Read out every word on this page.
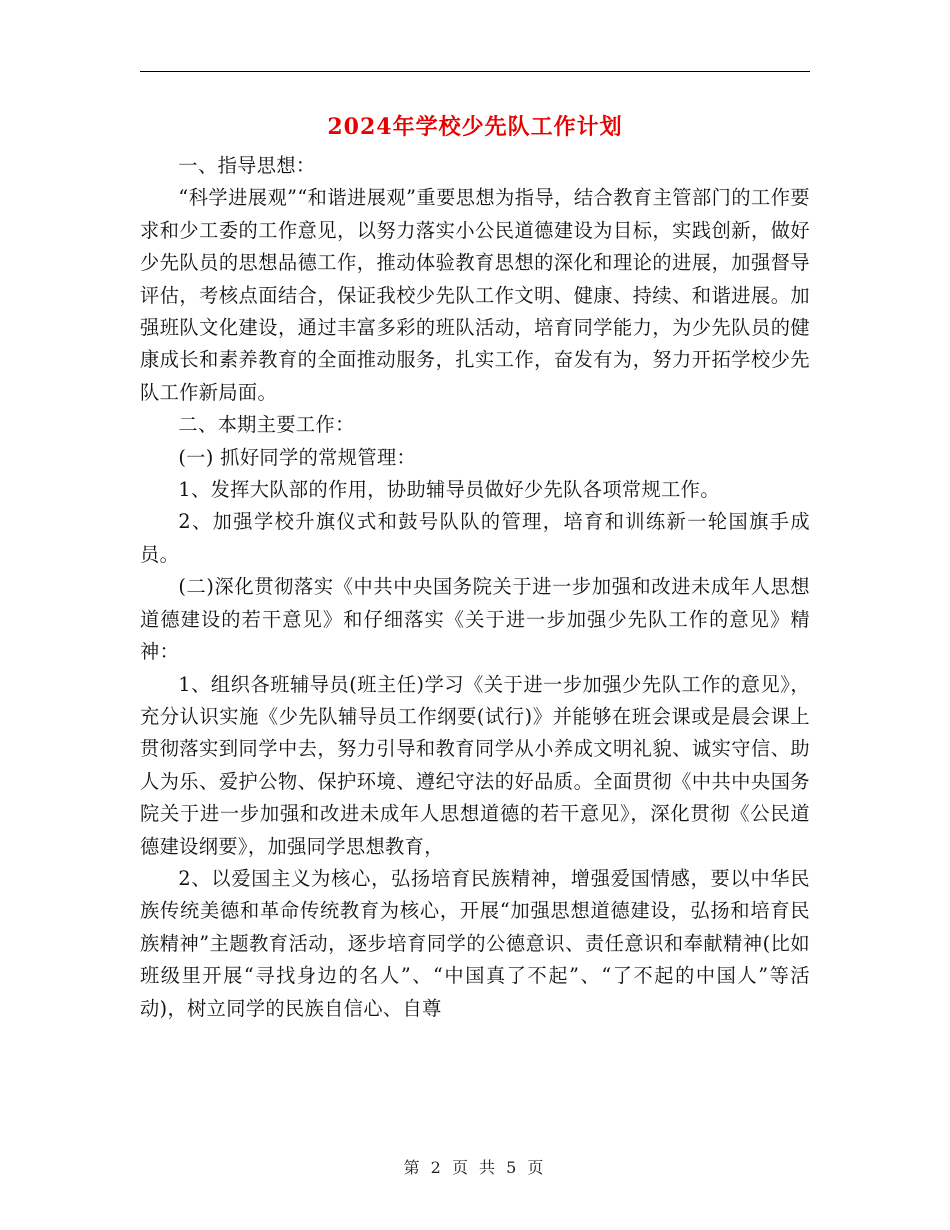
2024年学校少先队工作计划

一、指导思想：

“科学进展观”“和谐进展观”重要思想为指导，结合教育主管部门的工作要求和少工委的工作意见，以努力落实小公民道德建设为目标，实践创新，做好少先队员的思想品德工作，推动体验教育思想的深化和理论的进展，加强督导评估，考核点面结合，保证我校少先队工作文明、健康、持续、和谐进展。加强班队文化建设，通过丰富多彩的班队活动，培育同学能力，为少先队员的健康成长和素养教育的全面推动服务，扎实工作，奋发有为，努力开拓学校少先队工作新局面。

二、本期主要工作：

(一) 抓好同学的常规管理：

1、发挥大队部的作用，协助辅导员做好少先队各项常规工作。

2、加强学校升旗仪式和鼓号队队的管理，培育和训练新一轮国旗手成员。

(二)深化贯彻落实《中共中央国务院关于进一步加强和改进未成年人思想道德建设的若干意见》和仔细落实《关于进一步加强少先队工作的意见》精神：

1、组织各班辅导员(班主任)学习《关于进一步加强少先队工作的意见》，充分认识实施《少先队辅导员工作纲要(试行)》并能够在班会课或是晨会课上贯彻落实到同学中去，努力引导和教育同学从小养成文明礼貌、诚实守信、助人为乐、爱护公物、保护环境、遵纪守法的好品质。全面贯彻《中共中央国务院关于进一步加强和改进未成年人思想道德的若干意见》，深化贯彻《公民道德建设纲要》，加强同学思想教育，

2、以爱国主义为核心，弘扬培育民族精神，增强爱国情感，要以中华民族传统美德和革命传统教育为核心，开展“加强思想道德建设，弘扬和培育民族精神”主题教育活动，逐步培育同学的公德意识、责任意识和奉献精神(比如班级里开展“寻找身边的名人”、“中国真了不起”、“了不起的中国人”等活动)，树立同学的民族自信心、自尊

第 2 页 共 5 页
